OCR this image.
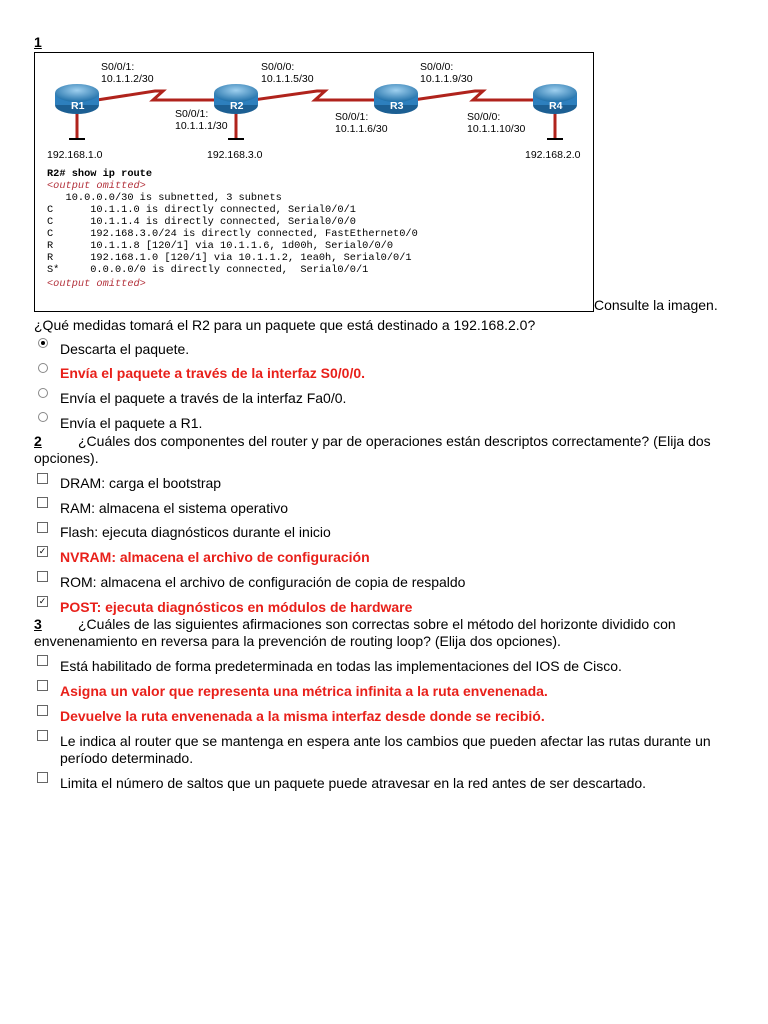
1
R1	R2	R3	R4
S0/0/1:
10.1.1.2/30
S0/0/1:
10.1.1.1/30
S0/0/0:
10.1.1.5/30
S0/0/1:
10.1.1.6/30
S0/0/0:
10.1.1.9/30
S0/0/0:
10.1.1.10/30
192.168.1.0	192.168.3.0	192.168.2.0
R2# show ip route
<output omitted>
10.0.0.0/30 is subnetted, 3 subnets
C      10.1.1.0 is directly connected, Serial0/0/1
C      10.1.1.4 is directly connected, Serial0/0/0
C      192.168.3.0/24 is directly connected, FastEthernet0/0
R      10.1.1.8 [120/1] via 10.1.1.6, 1d00h, Serial0/0/0
R      192.168.1.0 [120/1] via 10.1.1.2, 1ea0h, Serial0/0/1
S*     0.0.0.0/0 is directly connected,  Serial0/0/1
<output omitted>
Consulte la imagen.
¿Qué medidas tomará el R2 para un paquete que está destinado a 192.168.2.0?
Descarta el paquete.
Envía el paquete a través de la interfaz S0/0/0.
Envía el paquete a través de la interfaz Fa0/0.
Envía el paquete a R1.
2	¿Cuáles dos componentes del router y par de operaciones están descriptos correctamente? (Elija dos opciones).
DRAM: carga el bootstrap
RAM: almacena el sistema operativo
Flash: ejecuta diagnósticos durante el inicio
✓ NVRAM: almacena el archivo de configuración
ROM: almacena el archivo de configuración de copia de respaldo
✓ POST: ejecuta diagnósticos en módulos de hardware
3	¿Cuáles de las siguientes afirmaciones son correctas sobre el método del horizonte dividido con envenenamiento en reversa para la prevención de routing loop? (Elija dos opciones).
Está habilitado de forma predeterminada en todas las implementaciones del IOS de Cisco.
Asigna un valor que representa una métrica infinita a la ruta envenenada.
Devuelve la ruta envenenada a la misma interfaz desde donde se recibió.
Le indica al router que se mantenga en espera ante los cambios que pueden afectar las rutas durante un período determinado.
Limita el número de saltos que un paquete puede atravesar en la red antes de ser descartado.
